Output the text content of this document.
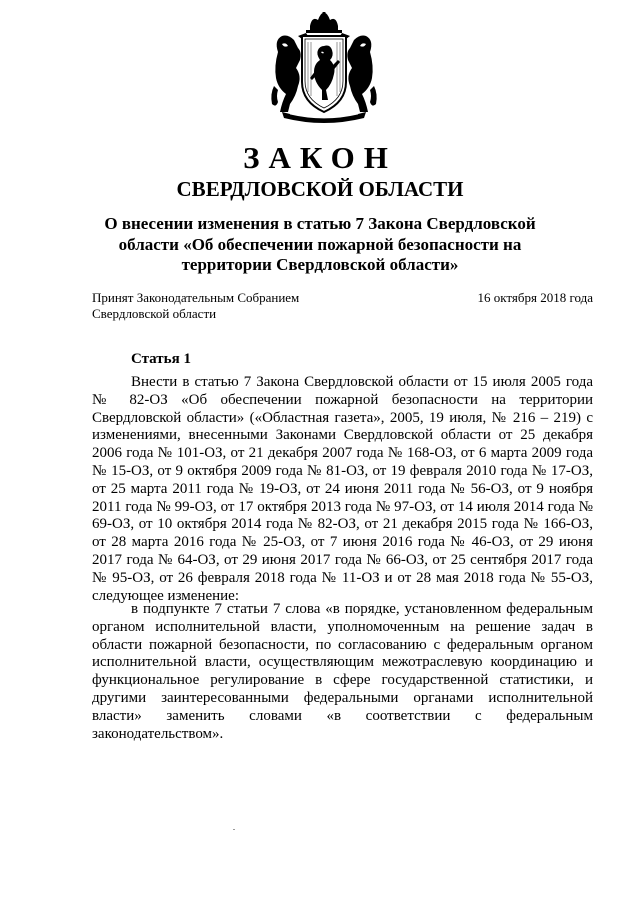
ЗАКОН
СВЕРДЛОВСКОЙ ОБЛАСТИ
О внесении изменения в статью 7 Закона Свердловской области «Об обеспечении пожарной безопасности на территории Свердловской области»
Принят Законодательным Собранием Свердловской области
16 октября 2018 года
Статья 1
Внести в статью 7 Закона Свердловской области от 15 июля 2005 года № 82-ОЗ «Об обеспечении пожарной безопасности на территории Свердловской области» («Областная газета», 2005, 19 июля, № 216 – 219) с изменениями, внесенными Законами Свердловской области от 25 декабря 2006 года № 101-ОЗ, от 21 декабря 2007 года № 168-ОЗ, от 6 марта 2009 года № 15-ОЗ, от 9 октября 2009 года № 81-ОЗ, от 19 февраля 2010 года № 17-ОЗ, от 25 марта 2011 года № 19-ОЗ, от 24 июня 2011 года № 56-ОЗ, от 9 ноября 2011 года № 99-ОЗ, от 17 октября 2013 года № 97-ОЗ, от 14 июля 2014 года № 69-ОЗ, от 10 октября 2014 года № 82-ОЗ, от 21 декабря 2015 года № 166-ОЗ, от 28 марта 2016 года № 25-ОЗ, от 7 июня 2016 года № 46-ОЗ, от 29 июня 2017 года № 64-ОЗ, от 29 июня 2017 года № 66-ОЗ, от 25 сентября 2017 года № 95-ОЗ, от 26 февраля 2018 года № 11-ОЗ и от 28 мая 2018 года № 55-ОЗ, следующее изменение:
в подпункте 7 статьи 7 слова «в порядке, установленном федеральным органом исполнительной власти, уполномоченным на решение задач в области пожарной безопасности, по согласованию с федеральным органом исполнительной власти, осуществляющим межотраслевую координацию и функциональное регулирование в сфере государственной статистики, и другими заинтересованными федеральными органами исполнительной власти» заменить словами «в соответствии с федеральным законодательством».
